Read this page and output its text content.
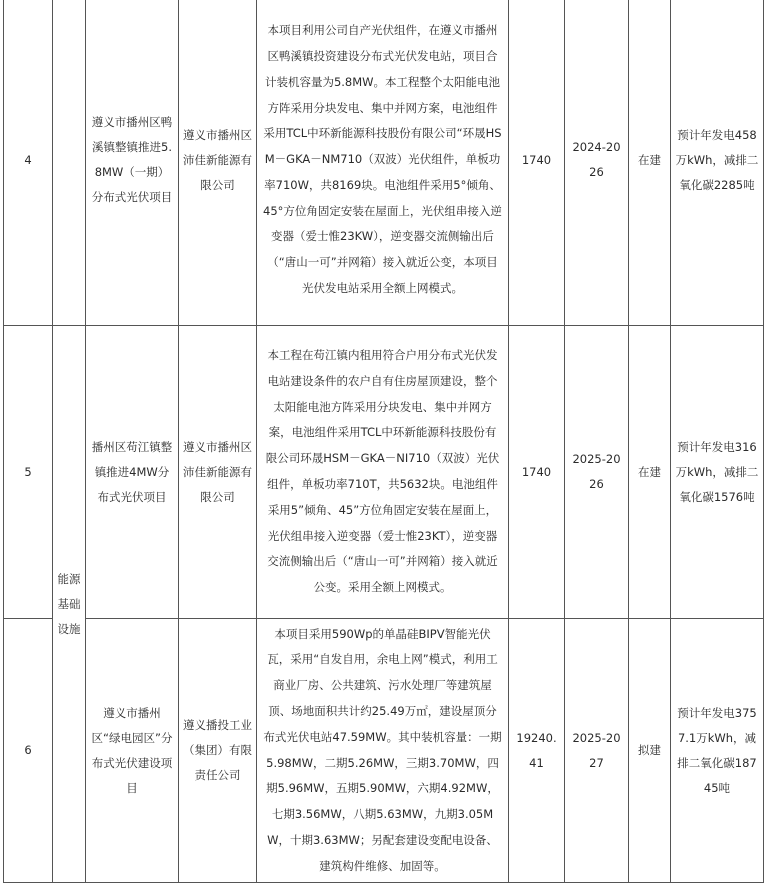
4		遵义市播州区鸭溪镇整镇推进5.8MW（一期）分布式光伏项目	遵义市播州区沛佳新能源有限公司	本项目利用公司自产光伏组件，在遵义市播州区鸭溪镇投资建设分布式光伏发电站，项目合计装机容量为5.8MW。本工程整个太阳能电池方阵采用分块发电、集中并网方案，电池组件采用TCL中环新能源科技股份有限公司“环晟HSM－GKA－NM710（双波）光伏组件，单板功率710W，共8169块。电池组件采用5°倾角、45°方位角固定安装在屋面上，光伏组串接入逆变器（爱士惟23KW），逆变器交流侧输出后（“唐山一可”并网箱）接入就近公变，本项目光伏发电站采用全额上网模式。	1740	2024-2026	在建	预计年发电458万kWh，减排二氧化碳2285吨
5	能源基础设施	播州区苟江镇整镇推进4MW分布式光伏项目	遵义市播州区沛佳新能源有限公司	本工程在苟江镇内租用符合户用分布式光伏发电站建设条件的农户自有住房屋顶建设，整个太阳能电池方阵采用分块发电、集中并网方案，电池组件采用TCL中环新能源科技股份有限公司环晟HSM－GKA－NI710（双波）光伏组件，单板功率710T，共5632块。电池组件采用5”倾角、45”方位角固定安装在屋面上，光伏组串接入逆变器（爱士惟23KT），逆变器交流侧输出后（“唐山一可”并网箱）接入就近公变。采用全额上网模式。	1740	2025-2026	在建	预计年发电316万kWh，减排二氧化碳1576吨
6		遵义市播州区“绿电园区”分布式光伏建设项目	遵义播投工业（集团）有限责任公司	本项目采用590Wp的单晶硅BIPV智能光伏瓦，采用“自发自用，余电上网”模式，利用工商业厂房、公共建筑、污水处理厂等建筑屋顶、场地面积共计约25.49万㎡，建设屋顶分布式光伏电站47.59MW。其中装机容量：一期5.98MW，二期5.26MW，三期3.70MW，四期5.96MW，五期5.90MW，六期4.92MW，七期3.56MW，八期5.63MW，九期3.05MW，十期3.63MW；另配套建设变配电设备、建筑构件维修、加固等。	19240.41	2025-2027	拟建	预计年发电3757.1万kWh，减排二氧化碳18745吨
